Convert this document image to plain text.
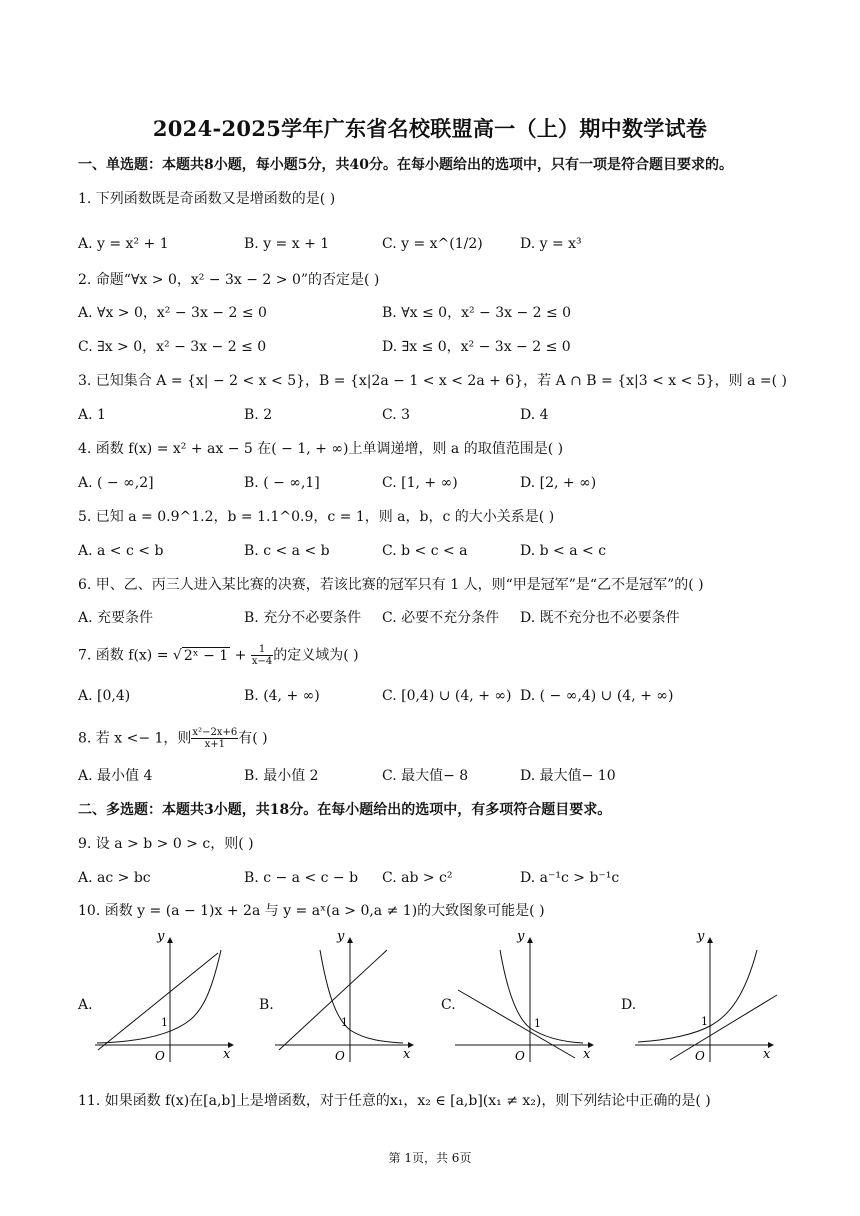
2024-2025学年广东省名校联盟高一（上）期中数学试卷
一、单选题：本题共8小题，每小题5分，共40分。在每小题给出的选项中，只有一项是符合题目要求的。
1. 下列函数既是奇函数又是增函数的是( )
A. y = x² + 1	B. y = x + 1	C. y = x^(1/2)	D. y = x³
2. 命题“∀x > 0，x² − 3x − 2 > 0”的否定是( )
A. ∀x > 0，x² − 3x − 2 ≤ 0	B. ∀x ≤ 0，x² − 3x − 2 ≤ 0
C. ∃x > 0，x² − 3x − 2 ≤ 0	D. ∃x ≤ 0，x² − 3x − 2 ≤ 0
3. 已知集合 A = {x| − 2 < x < 5}，B = {x|2a − 1 < x < 2a + 6}，若 A ∩ B = {x|3 < x < 5}，则 a =( )
A. 1	B. 2	C. 3	D. 4
4. 函数 f(x) = x² + ax − 5 在( − 1, + ∞)上单调递增，则 a 的取值范围是( )
A. ( − ∞,2]	B. ( − ∞,1]	C. [1, + ∞)	D. [2, + ∞)
5. 已知 a = 0.9^1.2，b = 1.1^0.9，c = 1，则 a，b，c 的大小关系是( )
A. a < c < b	B. c < a < b	C. b < c < a	D. b < a < c
6. 甲、乙、丙三人进入某比赛的决赛，若该比赛的冠军只有 1 人，则“甲是冠军”是“乙不是冠军”的( )
A. 充要条件	B. 充分不必要条件 C. 必要不充分条件 D. 既不充分也不必要条件
7. 函数 f(x) = √ 2ˣ − $1 + \frac{1}{x-4}$ 的定义域为( )
A. [0,4)	B. (4, + ∞)	C. [0,4) ∪ (4, + ∞) D. ( − ∞,4) ∪ (4, + ∞)
8. 若 x <− 1，则 $\frac{\text{x²−2x+6}}{x+1}$ 有( )
A. 最小值 4	B. 最小值 2	C. 最大值− 8	D. 最大值− 10
二、多选题：本题共3小题，共18分。在每小题给出的选项中，有多项符合题目要求。
9. 设 a > b > 0 > c，则( )
A. ac > bc	B. c − a < c − b C. ab > c²	D. a⁻¹c > b⁻¹c
10. 函数 y = (a − 1)x + 2a 与 y = aˣ(a > 0,a ≠ 1)的大致图象可能是( )
A.	B.	C.	D.
y
x
O
1
y
x
O
1
y
x
O
1
y
x
O
1
11. 如果函数 f(x)在[a,b]上是增函数，对于任意的x₁，x₂ ∈ [a,b](x₁ ≠ x₂)，则下列结论中正确的是( )
第 1页，共 6页
